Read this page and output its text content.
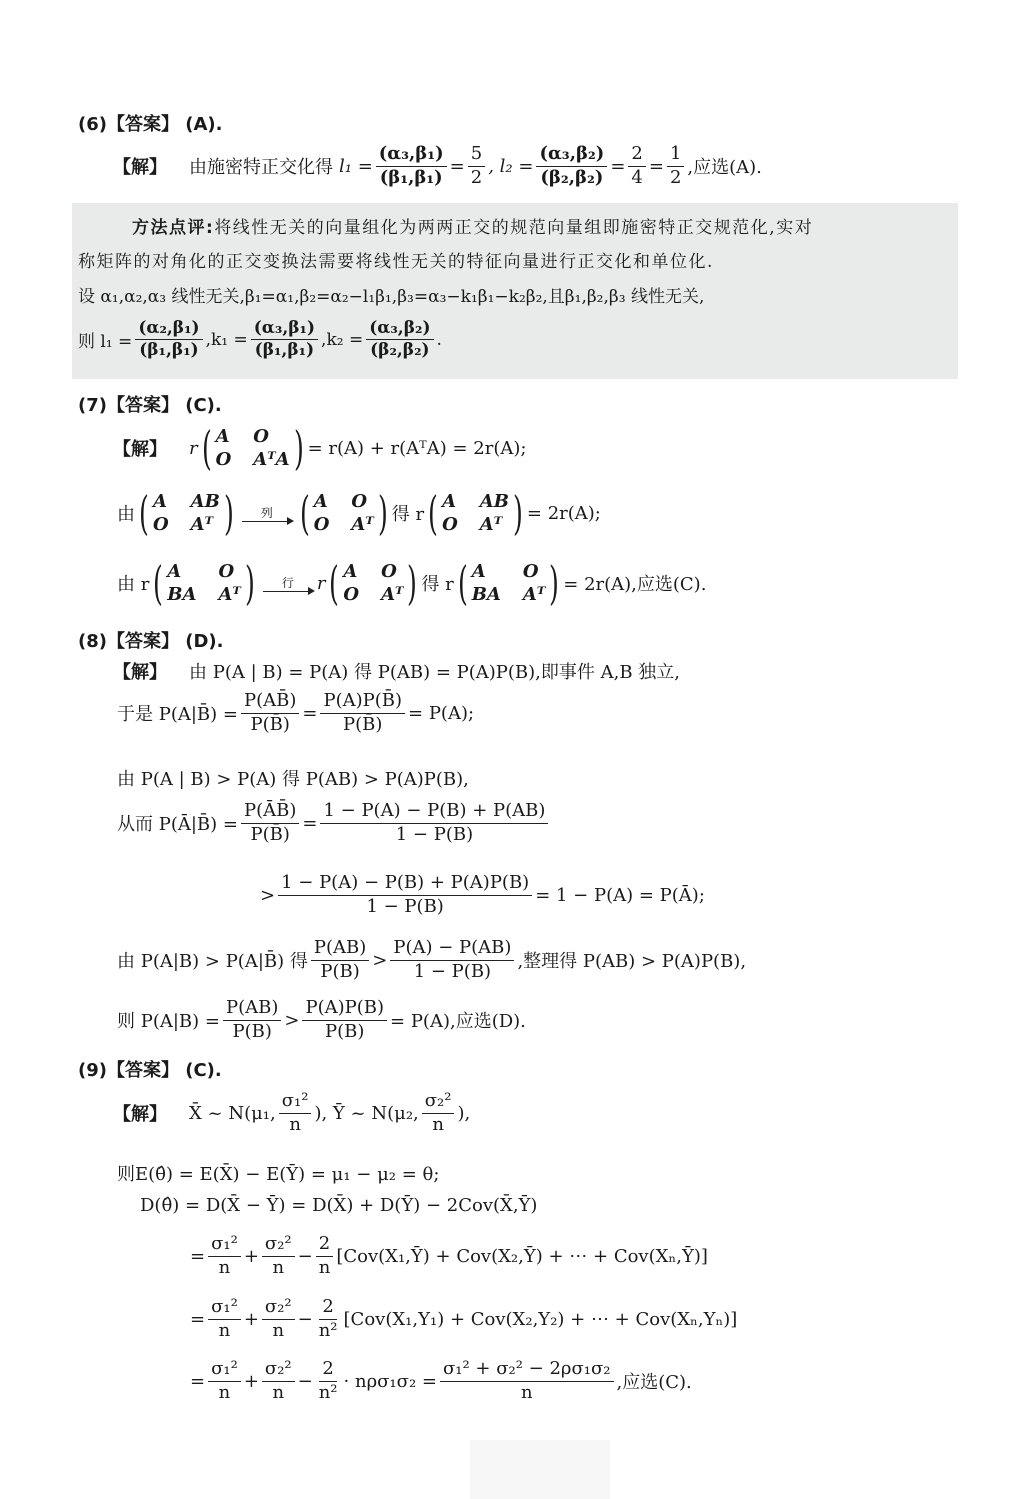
(6)【答案】 (A).
【解】 由施密特正交化得 $l_1 = \frac{\text{(α₃,β₁)}}{\text{(β₁,β₁)}} = \frac{5}{2}$ , $l_2 = \frac{\text{(α₃,β₂)}}{\text{(β₂,β₂)}} = \frac{2}{4} = \frac{1}{2}$ ,应选(A).
方法点评: 将线性无关的向量组化为两两正交的规范向量组即施密特正交规范化,实对
称矩阵的对角化的正交变换法需要将线性无关的特征向量进行正交化和单位化.
设 α₁,α₂,α₃ 线性无关,β₁=α₁,β₂=α₂−l₁β₁,β₃=α₃−k₁β₁−k₂β₂,且β₁,β₂,β₃ 线性无关,
则 $l_1 = \frac{\text{(α₂,β₁)}}{\text{(β₁,β₁)}} ,k_1 = \frac{\text{(α₃,β₁)}}{\text{(β₁,β₁)}} ,k_2 = \frac{\text{(α₃,β₂)}}{\text{(β₂,β₂)}}$ .
(7)【答案】 (C).
【解】 r ( A O
O AᵀA ) = r(A) + r(AᵀA) = 2r(A);
由 ( A AB
O Aᵀ ) 列 ( A O
O Aᵀ ) 得 r ( A AB
O Aᵀ ) = 2r(A);
由 r ( A	O
BA Aᵀ ) 行 r ( A O
O Aᵀ ) 得 r ( A	O
BA Aᵀ ) = 2r(A),应选(C).
(8)【答案】 (D).
【解】 由 P(A | B) = P(A) 得 P(AB) = P(A)P(B),即事件 A,B 独立,
于是 P(A|B̄) = $\frac{P(AB̄)}{P(B̄)} = \frac{P(A)P(B̄)}{P(B̄)} = P(A)$;
由 P(A | B) > P(A) 得 P(AB) > P(A)P(B),
从而 P(Ā|B̄) = $\frac{P(ĀB̄)}{P(B̄)} = \frac{1 - P(A) - P(B) + P(AB)}{1 - P(B)}$
> $\frac{1 - P(A) - P(B) + P(A)P(B)}{1 - P(B)} = 1 - P(A)$ = P(Ā);
由 P(A|B) > P(A|B̄) 得 $\frac{P(AB)}{P(B)} > \frac{P(A) - P(AB)}{1 - P(B)}$ ,整理得 P(AB) > P(A)P(B),
则 $P(A|B) = \frac{P(AB)}{P(B)} > \frac{P(A)P(B)}{P(B)} = P(A)$,应选(D).
(9)【答案】 (C).
【解】 X̄ ~ N(μ₁, $\frac{\text{σ₁²}}{n}$ ), Ȳ ~ N(μ₂, $\frac{\text{σ₂²}}{n}$ ),
则E(θ̂) = E(X̄) − E(Ȳ) = μ₁ − μ₂ = θ;
D(θ̂) = D(X̄ − Ȳ) = D(X̄) + D(Ȳ) − 2Cov(X̄,Ȳ)
= $\frac{\text{σ₁²}}{n} + \frac{\text{σ₂²}}{n} - \frac{2}{n}$ [Cov(X₁,Ȳ) + Cov(X₂,Ȳ) + ⋯ + Cov(Xₙ,Ȳ)]
= $\frac{\text{σ₁²}}{n} + \frac{\text{σ₂²}}{n} - \frac{2}{\text{n²}} [Cov(X_1,Y_1) + Cov(X_2,Y_2)$ + ⋯ + Cov(Xₙ,Yₙ)]
= $\frac{\text{σ₁²}}{n} + \frac{\text{σ₂²}}{n} - \frac{2}{\text{n²}} \cdot n\rho\sigma_1\sigma_2 = \frac{\text{σ₁² + σ₂² − 2ρσ₁σ₂}}{n}$ ,应选(C).
